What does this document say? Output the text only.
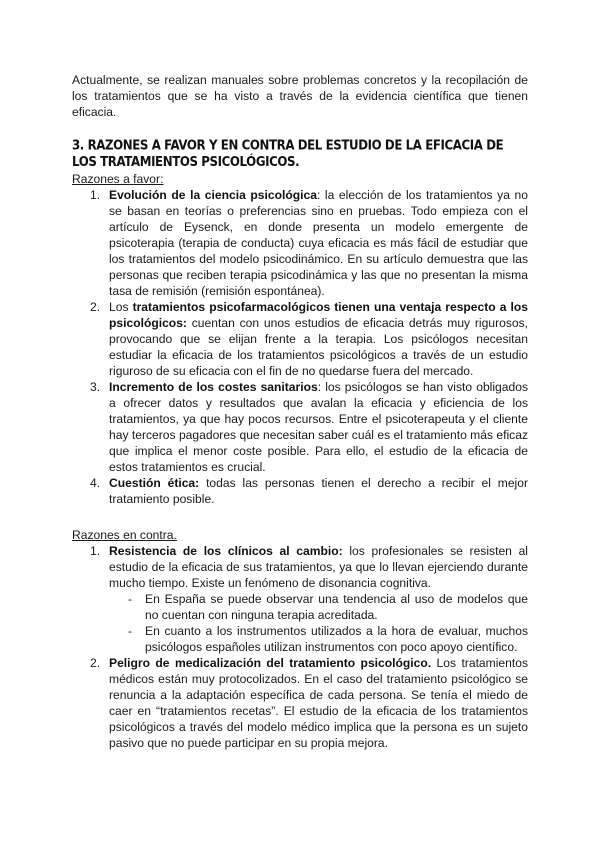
Actualmente, se realizan manuales sobre problemas concretos y la recopilación de los tratamientos que se ha visto a través de la evidencia científica que tienen eficacia.

3. RAZONES A FAVOR Y EN CONTRA DEL ESTUDIO DE LA EFICACIA DE LOS TRATAMIENTOS PSICOLÓGICOS.

Razones a favor:

1. Evolución de la ciencia psicológica: la elección de los tratamientos ya no se basan en teorías o preferencias sino en pruebas. Todo empieza con el artículo de Eysenck, en donde presenta un modelo emergente de psicoterapia (terapia de conducta) cuya eficacia es más fácil de estudiar que los tratamientos del modelo psicodinámico. En su artículo demuestra que las personas que reciben terapia psicodinámica y las que no presentan la misma tasa de remisión (remisión espontánea).
2. Los tratamientos psicofarmacológicos tienen una ventaja respecto a los psicológicos: cuentan con unos estudios de eficacia detrás muy rigurosos, provocando que se elijan frente a la terapia. Los psicólogos necesitan estudiar la eficacia de los tratamientos psicológicos a través de un estudio riguroso de su eficacia con el fin de no quedarse fuera del mercado.
3. Incremento de los costes sanitarios: los psicólogos se han visto obligados a ofrecer datos y resultados que avalan la eficacia y eficiencia de los tratamientos, ya que hay pocos recursos. Entre el psicoterapeuta y el cliente hay terceros pagadores que necesitan saber cuál es el tratamiento más eficaz que implica el menor coste posible. Para ello, el estudio de la eficacia de estos tratamientos es crucial.
4. Cuestión ética: todas las personas tienen el derecho a recibir el mejor tratamiento posible.

Razones en contra.

1. Resistencia de los clínicos al cambio: los profesionales se resisten al estudio de la eficacia de sus tratamientos, ya que lo llevan ejerciendo durante mucho tiempo. Existe un fenómeno de disonancia cognitiva.
- En España se puede observar una tendencia al uso de modelos que no cuentan con ninguna terapia acreditada.
- En cuanto a los instrumentos utilizados a la hora de evaluar, muchos psicólogos españoles utilizan instrumentos con poco apoyo científico.
2. Peligro de medicalización del tratamiento psicológico. Los tratamientos médicos están muy protocolizados. En el caso del tratamiento psicológico se renuncia a la adaptación específica de cada persona. Se tenía el miedo de caer en “tratamientos recetas”. El estudio de la eficacia de los tratamientos psicológicos a través del modelo médico implica que la persona es un sujeto pasivo que no puede participar en su propia mejora.
